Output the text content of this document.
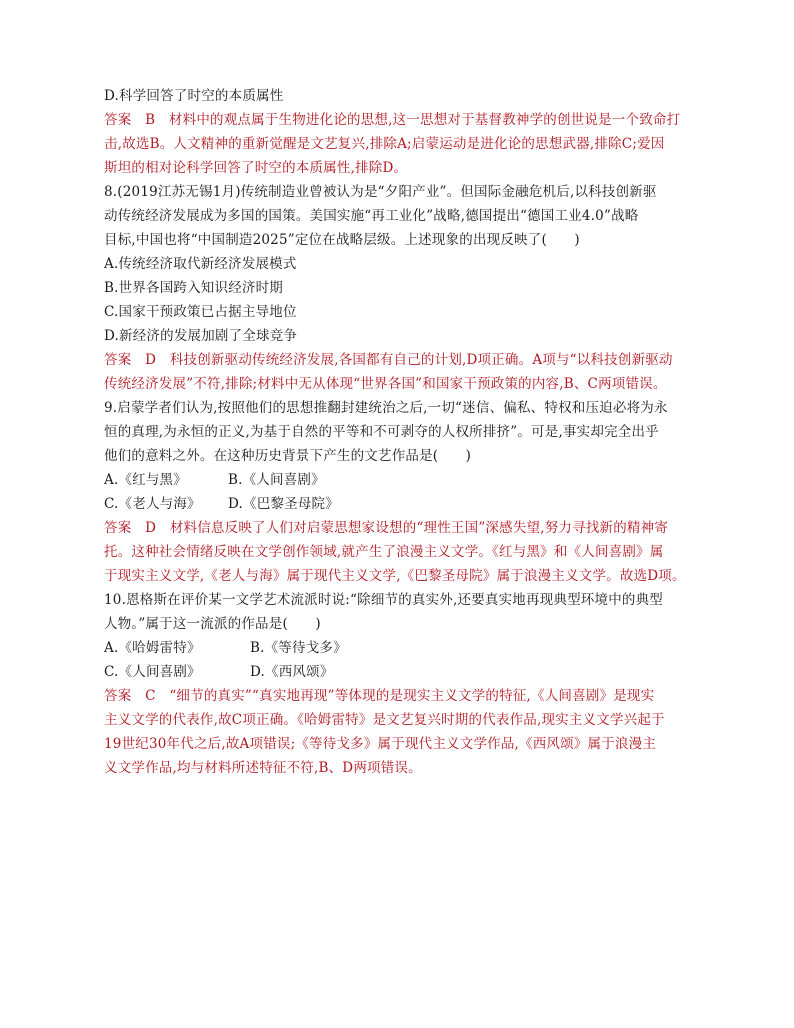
D.科学回答了时空的本质属性
答案　B　材料中的观点属于生物进化论的思想,这一思想对于基督教神学的创世说是一个致命打
击,故选B。人文精神的重新觉醒是文艺复兴,排除A;启蒙运动是进化论的思想武器,排除C;爱因
斯坦的相对论科学回答了时空的本质属性,排除D。
8.(2019江苏无锡1月)传统制造业曾被认为是“夕阳产业”。但国际金融危机后,以科技创新驱
动传统经济发展成为多国的国策。美国实施“再工业化”战略,德国提出“德国工业4.0”战略
目标,中国也将“中国制造2025”定位在战略层级。上述现象的出现反映了(　　)
A.传统经济取代新经济发展模式
B.世界各国跨入知识经济时期
C.国家干预政策已占据主导地位
D.新经济的发展加剧了全球竞争
答案　D　科技创新驱动传统经济发展,各国都有自己的计划,D项正确。A项与“以科技创新驱动
传统经济发展”不符,排除;材料中无从体现“世界各国”和国家干预政策的内容,B、C两项错误。
9.启蒙学者们认为,按照他们的思想推翻封建统治之后,一切“迷信、偏私、特权和压迫必将为永
恒的真理,为永恒的正义,为基于自然的平等和不可剥夺的人权所排挤”。可是,事实却完全出乎
他们的意料之外。在这种历史背景下产生的文艺作品是(　　)
A.《红与黑》	B.《人间喜剧》
C.《老人与海》	D.《巴黎圣母院》
答案　D　材料信息反映了人们对启蒙思想家设想的“理性王国”深感失望,努力寻找新的精神寄
托。这种社会情绪反映在文学创作领域,就产生了浪漫主义文学。《红与黑》和《人间喜剧》属
于现实主义文学,《老人与海》属于现代主义文学,《巴黎圣母院》属于浪漫主义文学。故选D项。
10.恩格斯在评价某一文学艺术流派时说:“除细节的真实外,还要真实地再现典型环境中的典型
人物。”属于这一流派的作品是(　　)
A.《哈姆雷特》	B.《等待戈多》
C.《人间喜剧》	D.《西风颂》
答案　C　“细节的真实”“真实地再现”等体现的是现实主义文学的特征,《人间喜剧》是现实
主义文学的代表作,故C项正确。《哈姆雷特》是文艺复兴时期的代表作品,现实主义文学兴起于
19世纪30年代之后,故A项错误;《等待戈多》属于现代主义文学作品,《西风颂》属于浪漫主
义文学作品,均与材料所述特征不符,B、D两项错误。
